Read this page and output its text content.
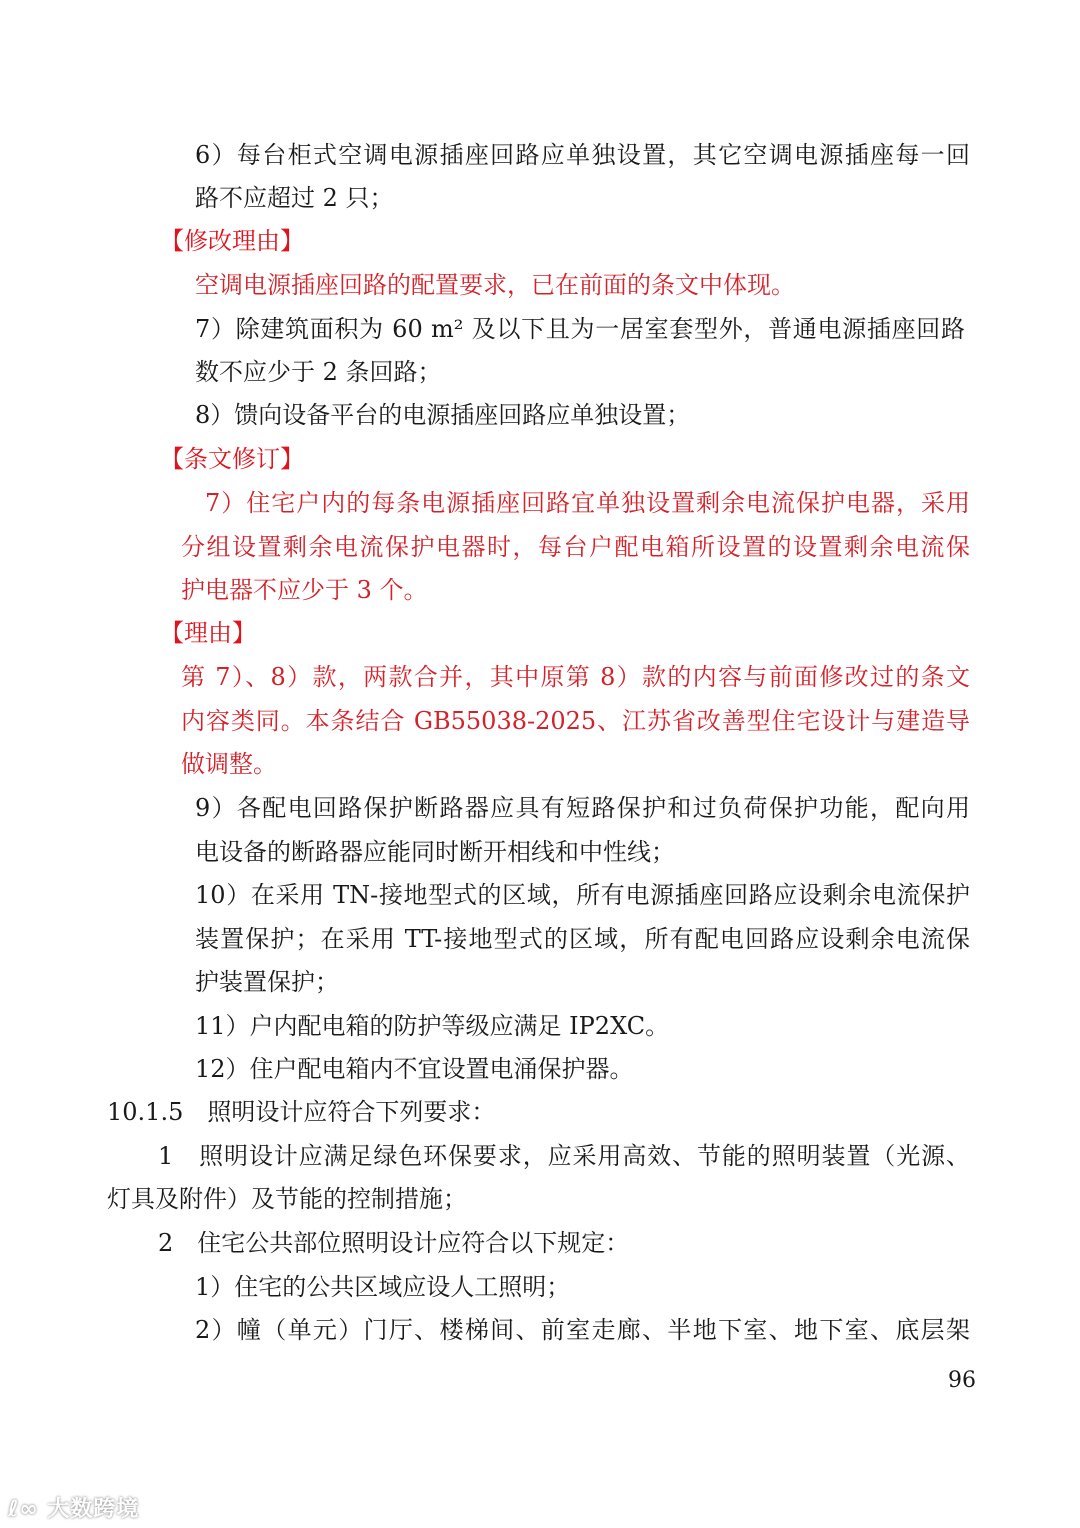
6）每台柜式空调电源插座回路应单独设置，其它空调电源插座每一回
路不应超过 2 只；
【修改理由】
空调电源插座回路的配置要求，已在前面的条文中体现。
7）除建筑面积为 60 m² 及以下且为一居室套型外，普通电源插座回路
数不应少于 2 条回路；
8）馈向设备平台的电源插座回路应单独设置；
【条文修订】
7）住宅户内的每条电源插座回路宜单独设置剩余电流保护电器，采用
分组设置剩余电流保护电器时，每台户配电箱所设置的设置剩余电流保
护电器不应少于 3 个。
【理由】
第 7）、8）款，两款合并，其中原第 8）款的内容与前面修改过的条文
内容类同。本条结合 GB55038-2025、江苏省改善型住宅设计与建造导
做调整。
9）各配电回路保护断路器应具有短路保护和过负荷保护功能，配向用
电设备的断路器应能同时断开相线和中性线；
10）在采用 TN-接地型式的区域，所有电源插座回路应设剩余电流保护
装置保护；在采用 TT-接地型式的区域，所有配电回路应设剩余电流保
护装置保护；
11）户内配电箱的防护等级应满足 IP2XC。
12）住户配电箱内不宜设置电涌保护器。
10.1.5　照明设计应符合下列要求：
1　照明设计应满足绿色环保要求，应采用高效、节能的照明装置（光源、
灯具及附件）及节能的控制措施；
2　住宅公共部位照明设计应符合以下规定：
1）住宅的公共区域应设人工照明；
2）幢（单元）门厅、楼梯间、前室走廊、半地下室、地下室、底层架
96
ℓ∞ 大数跨境
